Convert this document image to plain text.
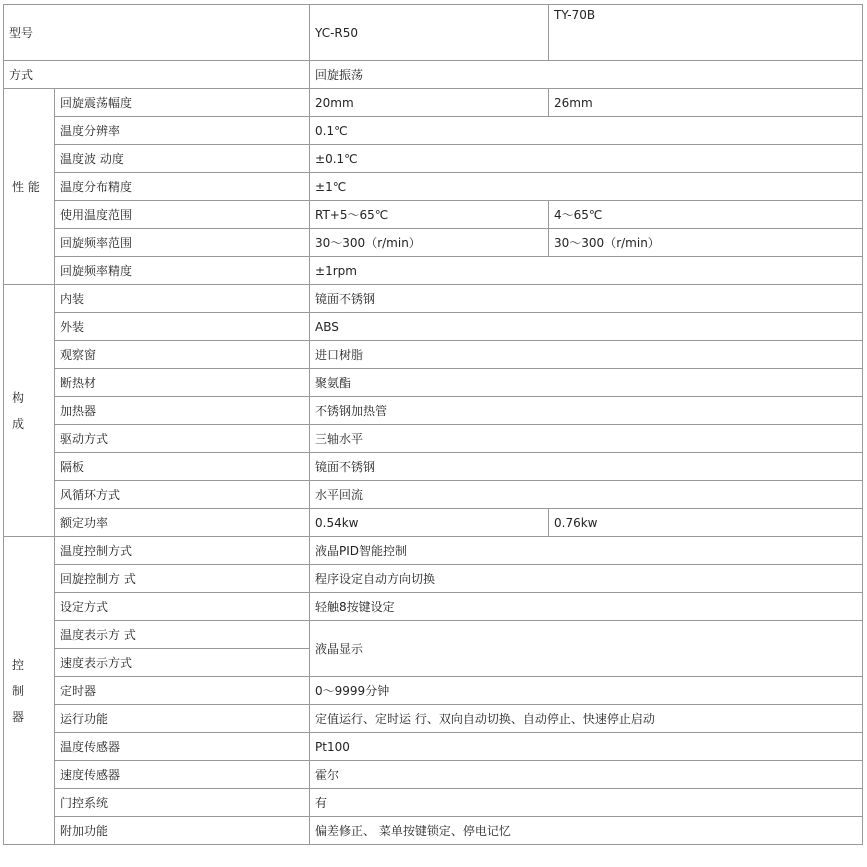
型号		YC-R50	TY-70B
方式		回旋振荡	
性 能	回旋震荡幅度	20mm	26mm
	温度分辨率	0.1℃	
	温度波 动度	±0.1℃	
	温度分布精度	±1℃	
	使用温度范围	RT+5～65℃	4～65℃
	回旋频率范围	30～300（r/min）	30～300（r/min）
	回旋频率精度	±1rpm	

构
成	内装	镜面不锈钢	
	外装	ABS	
	观察窗	进口树脂	
	断热材	聚氨酯	
	加热器	不锈钢加热管	
	驱动方式	三轴水平	
	隔板	镜面不锈钢	
	风循环方式	水平回流	
	额定功率	0.54kw	0.76kw

控
制
器	温度控制方式	液晶PID智能控制	
	回旋控制方 式	程序设定自动方向切换	
	设定方式	轻触8按键设定	
	温度表示方 式	液晶显示	
	速度表示方式		
	定时器	0～9999分钟	
	运行功能	定值运行、定时运 行、双向自动切换、自动停止、快速停止启动	
	温度传感器	Pt100	
	速度传感器	霍尔	
	门控系统	有	
	附加功能	偏差修正、 菜单按键锁定、停电记忆	
